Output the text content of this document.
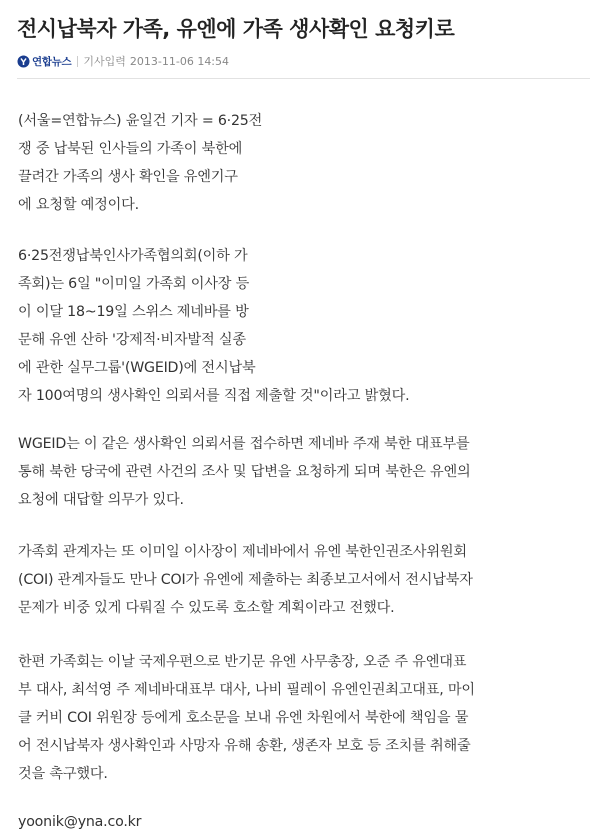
전시납북자 가족, 유엔에 가족 생사확인 요청키로
연합뉴스 기사입력 2013-11-06 14:54

(서울=연합뉴스) 윤일건 기자 = 6·25전
쟁 중 납북된 인사들의 가족이 북한에
끌려간 가족의 생사 확인을 유엔기구
에 요청할 예정이다.

6·25전쟁납북인사가족협의회(이하 가
족회)는 6일 "이미일 가족회 이사장 등
이 이달 18~19일 스위스 제네바를 방
문해 유엔 산하 '강제적·비자발적 실종
에 관한 실무그룹'(WGEID)에 전시납북
자 100여명의 생사확인 의뢰서를 직접 제출할 것"이라고 밝혔다.

WGEID는 이 같은 생사확인 의뢰서를 접수하면 제네바 주재 북한 대표부를
통해 북한 당국에 관련 사건의 조사 및 답변을 요청하게 되며 북한은 유엔의
요청에 대답할 의무가 있다.

가족회 관계자는 또 이미일 이사장이 제네바에서 유엔 북한인권조사위원회
(COI) 관계자들도 만나 COI가 유엔에 제출하는 최종보고서에서 전시납북자
문제가 비중 있게 다뤄질 수 있도록 호소할 계획이라고 전했다.

한편 가족회는 이날 국제우편으로 반기문 유엔 사무총장, 오준 주 유엔대표
부 대사, 최석영 주 제네바대표부 대사, 나비 필레이 유엔인권최고대표, 마이
클 커비 COI 위원장 등에게 호소문을 보내 유엔 차원에서 북한에 책임을 물
어 전시납북자 생사확인과 사망자 유해 송환, 생존자 보호 등 조치를 취해줄
것을 촉구했다.

yoonik@yna.co.kr
